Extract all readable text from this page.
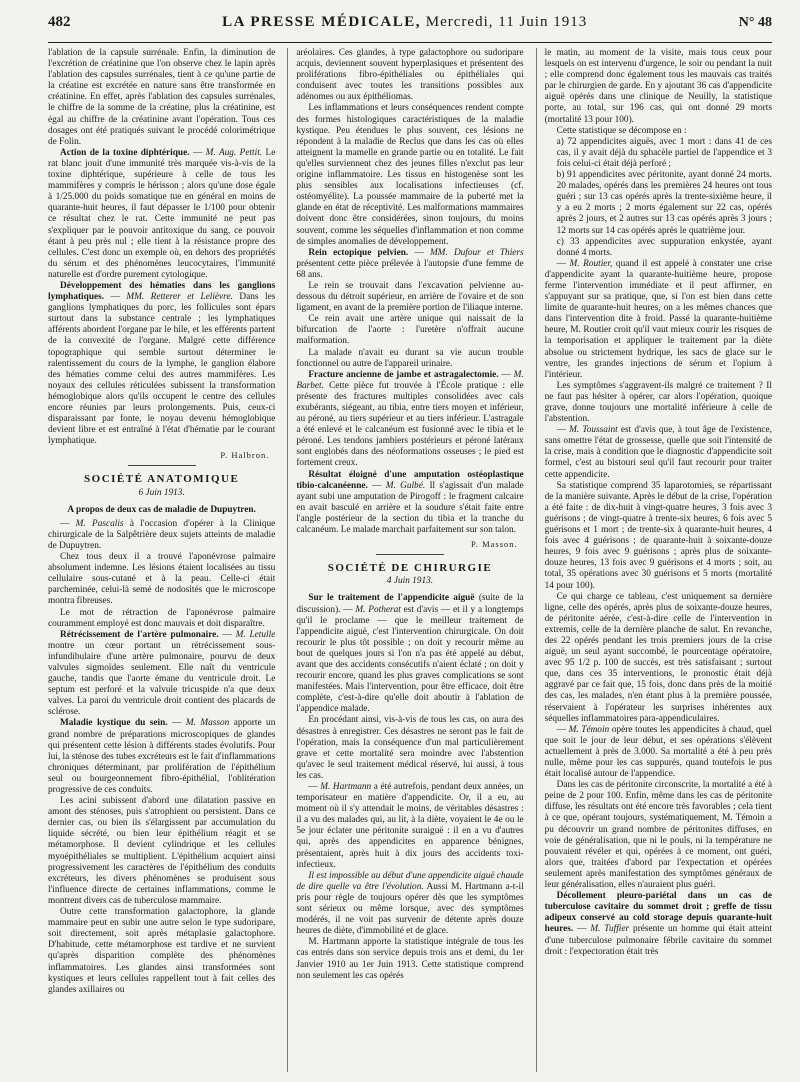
482	LA PRESSE MÉDICALE, Mercredi, 11 Juin 1913	N° 48

l'ablation de la capsule surrénale. Enfin, la diminution de l'excrétion de créatinine que l'on observe chez le lapin après l'ablation des capsules surrénales, tient à ce qu'une partie de la créatine est excrétée en nature sans être transformée en créatinine. En effet, après l'ablation des capsules surrénales, le chiffre de la somme de la créatine, plus la créatinine, est égal au chiffre de la créatinine avant l'opération. Tous ces dosages ont été pratiqués suivant le procédé colorimétrique de Folin.

Action de la toxine diphtérique. — M. Aug. Pettit. Le rat blanc jouit d'une immunité très marquée vis-à-vis de la toxine diphtérique, supérieure à celle de tous les mammifères y compris le hérisson ; alors qu'une dose égale à 1/25.000 du poids somatique tue en général en moins de quarante-huit heures, il faut dépasser le 1/100 pour obtenir ce résultat chez le rat. Cette immunité ne peut pas s'expliquer par le pouvoir antitoxique du sang, ce pouvoir étant à peu près nul ; elle tient à la résistance propre des cellules. C'est donc un exemple où, en dehors des propriétés du sérum et des phénomènes leucocytaires, l'immunité naturelle est d'ordre purement cytologique.

Développement des hématies dans les ganglions lymphatiques. — MM. Retterer et Lelièvre. Dans les ganglions lymphatiques du porc, les follicules sont épars surtout dans la substance centrale ; les lymphatiques afférents abordent l'organe par le hile, et les efférents partent de la convexité de l'organe. Malgré cette différence topographique qui semble surtout déterminer le ralentissement du cours de la lymphe, le ganglion élabore des hématies comme celui des autres mammifères. Les noyaux des cellules réticulées subissent la transformation hémoglobique alors qu'ils occupent le centre des cellules encore réunies par leurs prolongements. Puis, ceux-ci disparaissant par fonte, le noyau devenu hémoglobique devient libre et est entraîné à l'état d'hématie par le courant lymphatique.

P. Halbron.

SOCIÉTÉ ANATOMIQUE
6 Juin 1913.
A propos de deux cas de maladie de Dupuytren.

— M. Pascalis à l'occasion d'opérer à la Clinique chirurgicale de la Salpêtrière deux sujets atteints de maladie de Dupuytren.

Chez tous deux il a trouvé l'aponévrose palmaire absolument indemne. Les lésions étaient localisées au tissu cellulaire sous-cutané et à la peau. Celle-ci était parcheminée, celui-là semé de nodosités que le microscope montra fibreuses.

Le mot de rétraction de l'aponévrose palmaire couramment employé est donc mauvais et doit disparaître.

Rétrécissement de l'artère pulmonaire. — M. Letulle montre un cœur portant un rétrécissement sous-infundibulaire d'une artère pulmonaire, pourvu de deux valvules sigmoïdes seulement. Elle naît du ventricule gauche, tandis que l'aorte émane du ventricule droit. Le septum est perforé et la valvule tricuspide n'a que deux valves. La paroi du ventricule droit contient des placards de sclérose.

Maladie kystique du sein. — M. Masson apporte un grand nombre de préparations microscopiques de glandes qui présentent cette lésion à différents stades évolutifs. Pour lui, la sténose des tubes excréteurs est le fait d'inflammations chroniques déterminant, par prolifération de l'épithélium seul ou bourgeonnement fibro-épithélial, l'oblitération progressive de ces conduits.

Les acini subissent d'abord une dilatation passive en amont des sténoses, puis s'atrophient ou persistent. Dans ce dernier cas, ou bien ils s'élargissent par accumulation du liquide sécrété, ou bien leur épithélium réagit et se métamorphose. Il devient cylindrique et les cellules myoépithéliales se multiplient. L'épithélium acquiert ainsi progressivement les caractères de l'épithélium des conduits excréteurs, les divers phénomènes se produisent sous l'influence directe de certaines inflammations, comme le montrent divers cas de tuberculose mammaire.

Outre cette transformation galactophore, la glande mammaire peut en subir une autre selon le type sudoripare, soit directement, soit après métaplasie galactophore. D'habitude, cette métamorphose est tardive et ne survient qu'après disparition complète des phénomènes inflammatoires. Les glandes ainsi transformées sont kystiques et leurs cellules rappellent tout à fait celles des glandes axillaires ou

aréolaires. Ces glandes, à type galactophore ou sudoripare acquis, deviennent souvent hyperplasiques et présentent des proliférations fibro-épithéliales ou épithéliales qui conduisent avec toutes les transitions possibles aux adénomes ou aux épithéliomas.

Les inflammations et leurs conséquences rendent compte des formes histologiques caractéristiques de la maladie kystique. Peu étendues le plus souvent, ces lésions ne répondent à la maladie de Reclus que dans les cas où elles atteignent la mamelle en grande partie ou en totalité. Le fait qu'elles surviennent chez des jeunes filles n'exclut pas leur origine inflammatoire. Les tissus en histogenèse sont les plus sensibles aux localisations infectieuses (cf. ostéomyélite). La poussée mammaire de la puberté met la glande en état de réceptivité. Les malformations mammaires doivent donc être considérées, sinon toujours, du moins souvent, comme les séquelles d'inflammation et non comme de simples anomalies de développement.

Rein ectopique pelvien. — MM. Dufour et Thiers présentent cette pièce prélevée à l'autopsie d'une femme de 68 ans.

Le rein se trouvait dans l'excavation pelvienne au-dessous du détroit supérieur, en arrière de l'ovaire et de son ligament, en avant de la première portion de l'iliaque interne.

Ce rein avait une artère unique qui naissait de la bifurcation de l'aorte : l'uretère n'offrait aucune malformation.

La malade n'avait eu durant sa vie aucun trouble fonctionnel ou autre de l'appareil urinaire.

Fracture ancienne de jambe et astragalectomie. — M. Barbet. Cette pièce fut trouvée à l'École pratique : elle présente des fractures multiples consolidées avec cals exubérants, siégeant, au tibia, entre tiers moyen et inférieur, au péroné, au tiers supérieur et au tiers inférieur. L'astragale a été enlevé et le calcanéum est fusionné avec le tibia et le péroné. Les tendons jambiers postérieurs et péroné latéraux sont englobés dans des néoformations osseuses ; le pied est fortement creux.

Résultat éloigné d'une amputation ostéoplastique tibio-calcanéenne. — M. Gulbé. Il s'agissait d'un malade ayant subi une amputation de Pirogoff : le fragment calcaire en avait basculé en arrière et la soudure s'était faite entre l'angle postérieur de la section du tibia et la tranche du calcanéum. Le malade marchait parfaitement sur son talon.

P. Masson.

SOCIÉTÉ DE CHIRURGIE
4 Juin 1913.

Sur le traitement de l'appendicite aiguë (suite de la discussion). — M. Potherat est d'avis — et il y a longtemps qu'il le proclame — que le meilleur traitement de l'appendicite aiguë, c'est l'intervention chirurgicale. On doit recourir le plus tôt possible ; on doit y recourir même au bout de quelques jours si l'on n'a pas été appelé au début, avant que des accidents consécutifs n'aient éclaté ; on doit y recourir encore, quand les plus graves complications se sont manifestées. Mais l'intervention, pour être efficace, doit être complète, c'est-à-dire qu'elle doit aboutir à l'ablation de l'appendice malade.

En procédant ainsi, vis-à-vis de tous les cas, on aura des désastres à enregistrer. Ces désastres ne seront pas le fait de l'opération, mais la conséquence d'un mal particulièrement grave et cette mortalité sera moindre avec l'abstention qu'avec le seul traitement médical réservé, lui aussi, à tous les cas.

— M. Hartmann a été autrefois, pendant deux années, un temporisateur en matière d'appendicite. Or, il a eu, au moment où il s'y attendait le moins, de véritables désastres : il a vu des malades qui, au lit, à la diète, voyaient le 4e ou le 5e jour éclater une péritonite suraiguë : il en a vu d'autres qui, après des appendicites en apparence bénignes, présentaient, après huit à dix jours des accidents toxi-infectieux.

Il est impossible au début d'une appendicite aiguë chaude de dire quelle va être l'évolution. Aussi M. Hartmann a-t-il pris pour règle de toujours opérer dès que les symptômes sont sérieux ou même lorsque, avec des symptômes modérés, il ne voit pas survenir de détente après douze heures de diète, d'immobilité et de glace.

M. Hartmann apporte la statistique intégrale de tous les cas entrés dans son service depuis trois ans et demi, du 1er Janvier 1910 au 1er Juin 1913. Cette statistique comprend non seulement les cas opérés

le matin, au moment de la visite, mais tous ceux pour lesquels on est intervenu d'urgence, le soir ou pendant la nuit ; elle comprend donc également tous les mauvais cas traités par le chirurgien de garde. En y ajoutant 36 cas d'appendicite aiguë opérés dans une clinique de Neuilly, la statistique porte, au total, sur 196 cas, qui ont donné 29 morts (mortalité 13 pour 100).

Cette statistique se décompose en :

a) 72 appendicites aiguës, avec 1 mort : dans 41 de ces cas, il y avait déjà du sphacèle partiel de l'appendice et 3 fois celui-ci était déjà perforé ;

b) 91 appendicites avec péritonite, ayant donné 24 morts. 20 malades, opérés dans les premières 24 heures ont tous guéri ; sur 13 cas opérés après la trente-sixième heure, il y a eu 2 morts ; 2 morts également sur 22 cas, opérés après 2 jours, et 2 autres sur 13 cas opérés après 3 jours ; 12 morts sur 14 cas opérés après le quatrième jour.

c) 33 appendicites avec suppuration enkystée, ayant donné 4 morts.

— M. Routier, quand il est appelé à constater une crise d'appendicite ayant la quarante-huitième heure, propose ferme l'intervention immédiate et il peut affirmer, en s'appuyant sur sa pratique, que, si l'on est bien dans cette limite de quarante-huit heures, on a les mêmes chances que dans l'intervention dite à froid. Passé la quarante-huitième heure, M. Routier croit qu'il vaut mieux courir les risques de la temporisation et appliquer le traitement par la diète absolue ou strictement hydrique, les sacs de glace sur le ventre, les grandes injections de sérum et l'opium à l'intérieur.

Les symptômes s'aggravent-ils malgré ce traitement ? Il ne faut pas hésiter à opérer, car alors l'opération, quoique grave, donne toujours une mortalité inférieure à celle de l'abstention.

— M. Toussaint est d'avis que, à tout âge de l'existence, sans omettre l'état de grossesse, quelle que soit l'intensité de la crise, mais à condition que le diagnostic d'appendicite soit formel, c'est au bistouri seul qu'il faut recourir pour traiter cette appendicite.

Sa statistique comprend 35 laparotomies, se répartissant de la manière suivante. Après le début de la crise, l'opération a été faite : de dix-huit à vingt-quatre heures, 3 fois avec 3 guérisons ; de vingt-quatre à trente-six heures, 6 fois avec 5 guérisons et 1 mort ; de trente-six à quarante-huit heures, 4 fois avec 4 guérisons ; de quarante-huit à soixante-douze heures, 9 fois avec 9 guérisons ; après plus de soixante-douze heures, 13 fois avec 9 guérisons et 4 morts ; soit, au total, 35 opérations avec 30 guérisons et 5 morts (mortalité 14 pour 100).

Ce qui charge ce tableau, c'est uniquement sa dernière ligne, celle des opérés, après plus de soixante-douze heures, de péritonite aérée, c'est-à-dire celle de l'intervention in extremis, celle de la dernière planche de salut. En revanche, des 22 opérés pendant les trois premiers jours de la crise aiguë, un seul ayant succombé, le pourcentage opératoire, avec 95 1/2 p. 100 de succès, est très satisfaisant ; surtout que, dans ces 35 interventions, le pronostic était déjà aggravé par ce fait que, 15 fois, donc dans près de la moitié des cas, les malades, n'en étant plus à la première poussée, réservaient à l'opérateur les surprises inhérentes aux séquelles inflammatoires para-appendiculaires.

— M. Témoin opère toutes les appendicites à chaud, quel que soit le jour de leur début, et ses opérations s'élèvent actuellement à près de 3.000. Sa mortalité a été à peu près nulle, même pour les cas suppurés, quand toutefois le pus était localisé autour de l'appendice.

Dans les cas de péritonite circonscrite, la mortalité a été à peine de 2 pour 100. Enfin, même dans les cas de péritonite diffuse, les résultats ont été encore très favorables ; cela tient à ce que, opérant toujours, systématiquement, M. Témoin a pu découvrir un grand nombre de péritonites diffuses, en voie de généralisation, que ni le pouls, ni la température ne pouvaient révéler et qui, opérées à ce moment, ont guéri, alors que, traitées d'abord par l'expectation et opérées seulement après manifestation des symptômes généraux de leur généralisation, elles n'auraient plus guéri.

Décollement pleuro-pariétal dans un cas de tuberculose cavitaire du sommet droit ; greffe de tissu adipeux conservé au cold storage depuis quarante-huit heures. — M. Tuffier présente un homme qui était atteint d'une tuberculose pulmonaire fébrile cavitaire du sommet droit : l'expectoration était très
